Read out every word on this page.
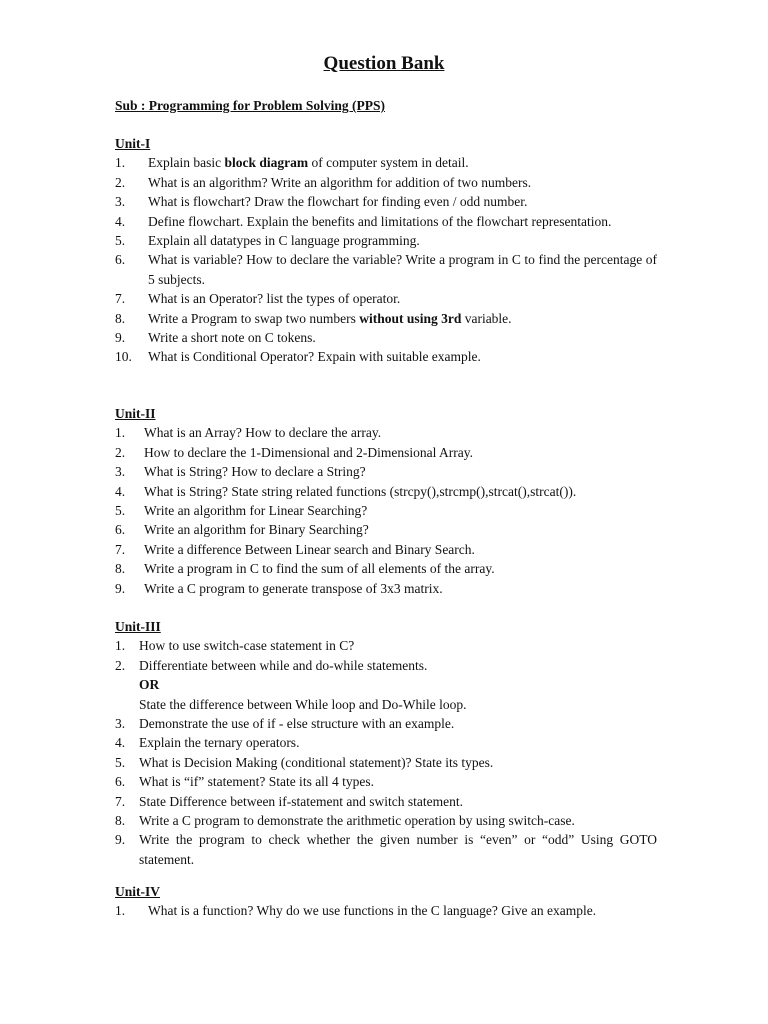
Question Bank
Sub : Programming for Problem Solving (PPS)
Unit-I
1. Explain basic block diagram of computer system in detail.
2. What is an algorithm? Write an algorithm for addition of two numbers.
3. What is flowchart? Draw the flowchart for finding even / odd number.
4. Define flowchart. Explain the benefits and limitations of the flowchart representation.
5. Explain all datatypes in C language programming.
6. What is variable? How to declare the variable? Write a program in C to find the percentage of 5 subjects.
7. What is an Operator? list the types of operator.
8. Write a Program to swap two numbers without using 3rd variable.
9. Write a short note on C tokens.
10. What is Conditional Operator? Expain with suitable example.
Unit-II
1. What is an Array? How to declare the array.
2. How to declare the 1-Dimensional and 2-Dimensional Array.
3. What is String? How to declare a String?
4. What is String? State string related functions (strcpy(),strcmp(),strcat(),strcat()).
5. Write an algorithm for Linear Searching?
6. Write an algorithm for Binary Searching?
7. Write a difference Between Linear search and Binary Search.
8. Write a program in C to find the sum of all elements of the array.
9. Write a C program to generate transpose of 3x3 matrix.
Unit-III
1. How to use switch-case statement in C?
2. Differentiate between while and do-while statements.
OR
State the difference between While loop and Do-While loop.
3. Demonstrate the use of if - else structure with an example.
4. Explain the ternary operators.
5. What is Decision Making (conditional statement)? State its types.
6. What is “if” statement? State its all 4 types.
7. State Difference between if-statement and switch statement.
8. Write a C program to demonstrate the arithmetic operation by using switch-case.
9. Write the program to check whether the given number is “even” or “odd” Using GOTO statement.
Unit-IV
1. What is a function? Why do we use functions in the C language? Give an example.
